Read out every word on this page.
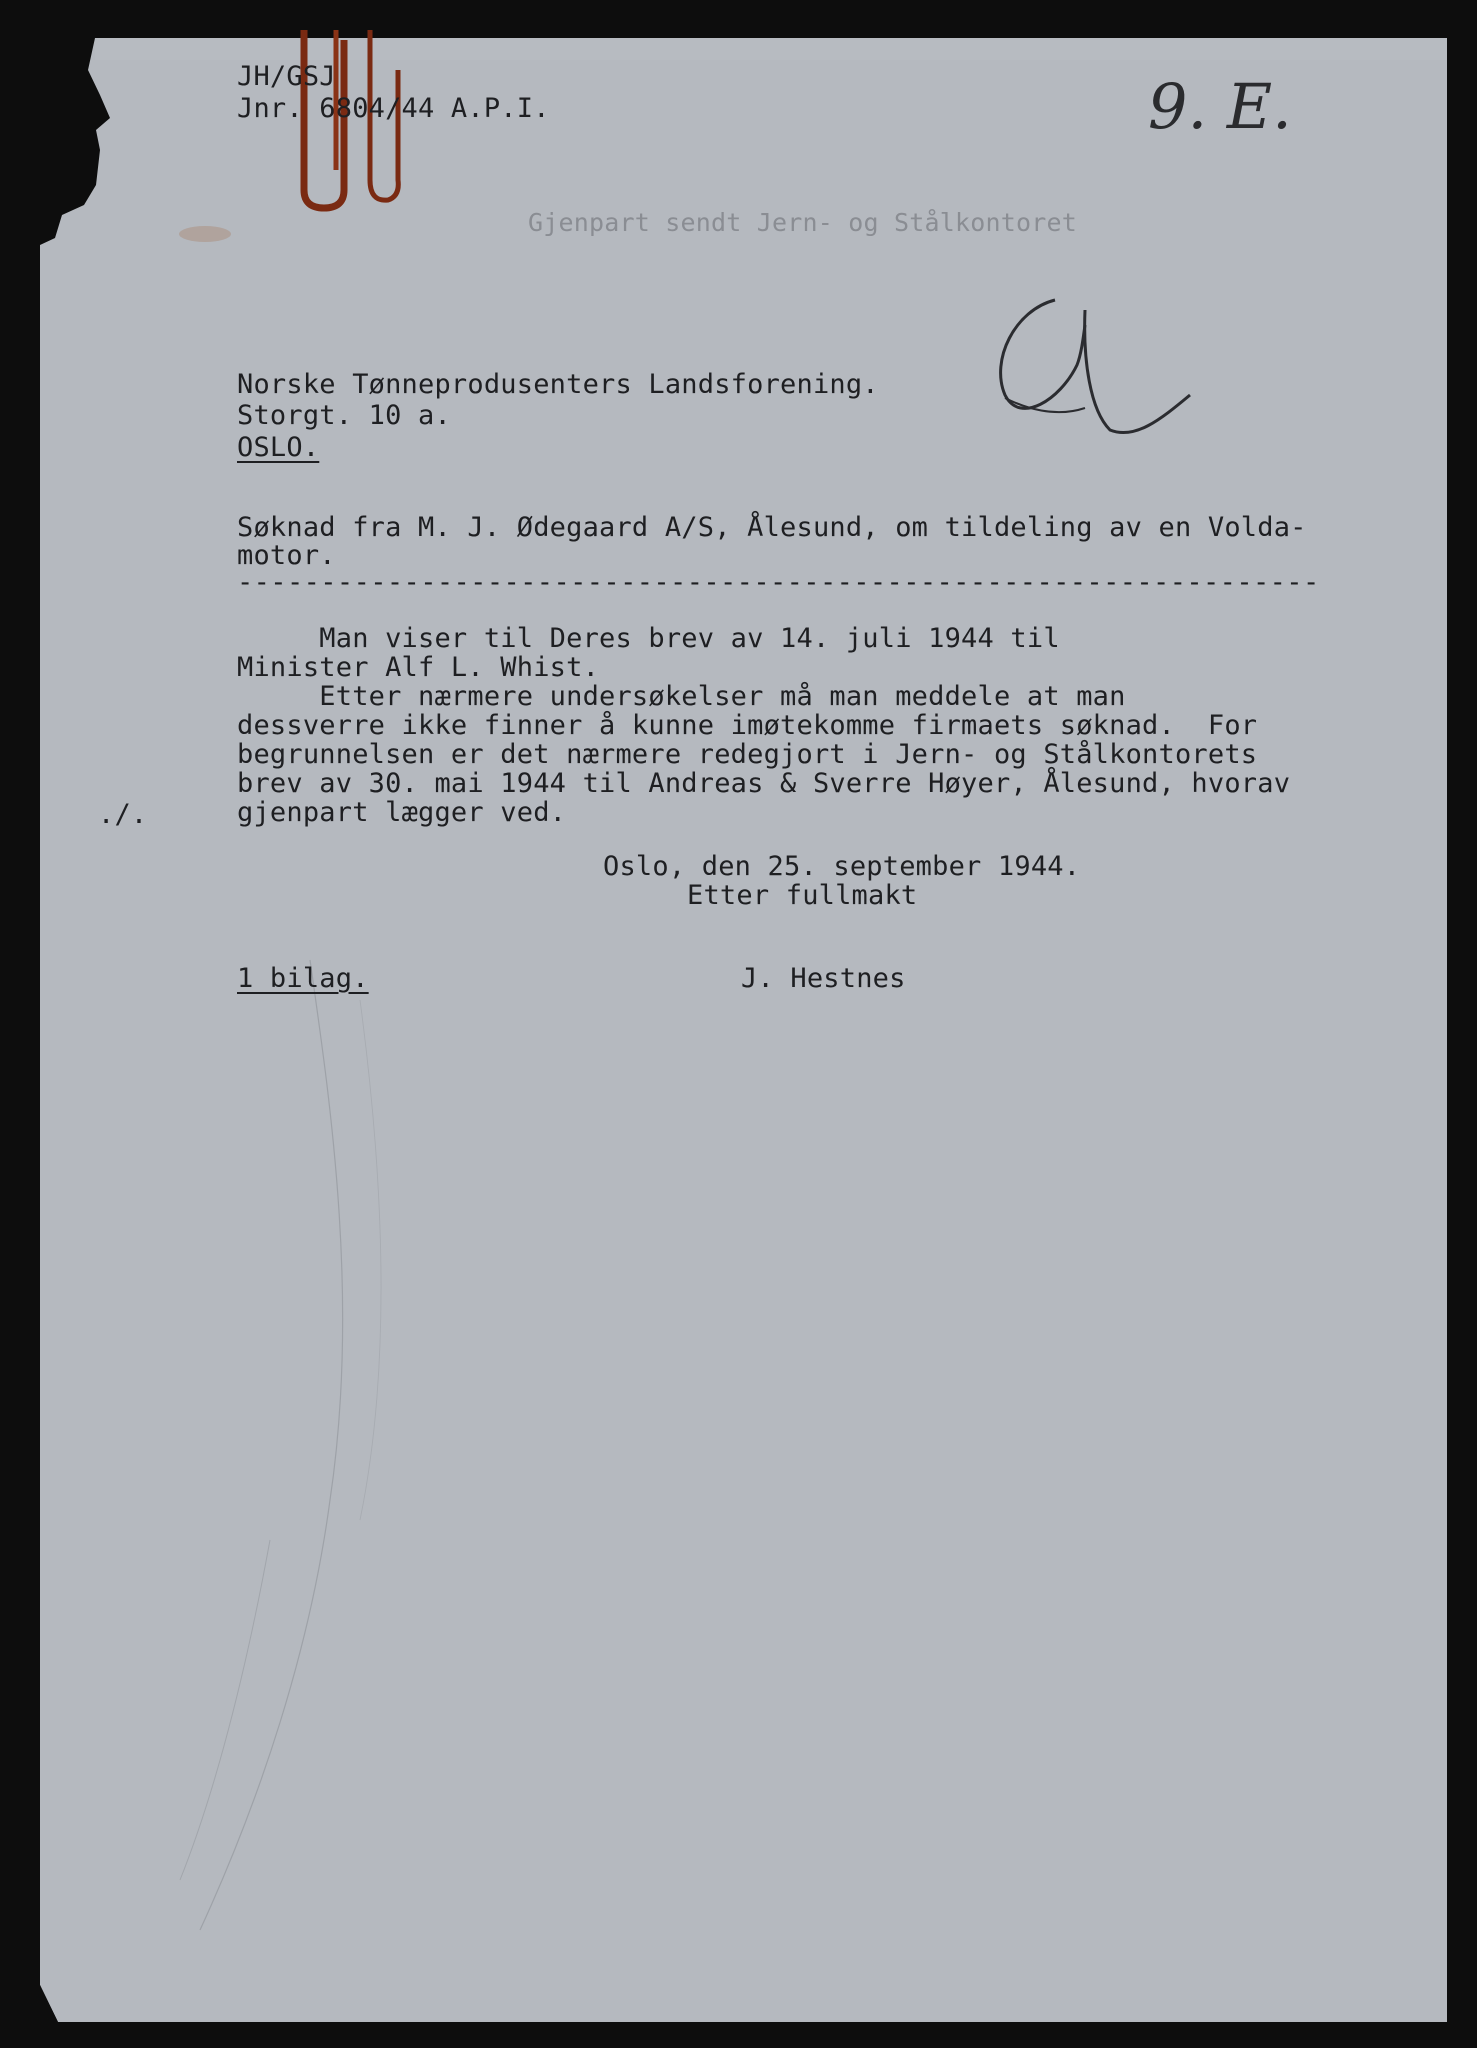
JH/GSJ
Jnr. 6804/44 A.P.I.	9. E.
Gjenpart sendt Jern- og Stålkontoret
Norske Tønneprodusenters Landsforening.
Storgt. 10 a.
OSLO.
Søknad fra M. J. Ødegaard A/S, Ålesund, om tildeling av en Volda-
motor.
-----------------------------------------------------------------
Man viser til Deres brev av 14. juli 1944 til
Minister Alf L. Whist.
Etter nærmere undersøkelser må man meddele at man
dessverre ikke finner å kunne imøtekomme firmaets søknad.  For
begrunnelsen er det nærmere redegjort i Jern- og Stålkontorets
brev av 30. mai 1944 til Andreas & Sverre Høyer, Ålesund, hvorav
gjenpart lægger ved.
./.
Oslo, den 25. september 1944.
Etter fullmakt
1 bilag.	J. Hestnes
